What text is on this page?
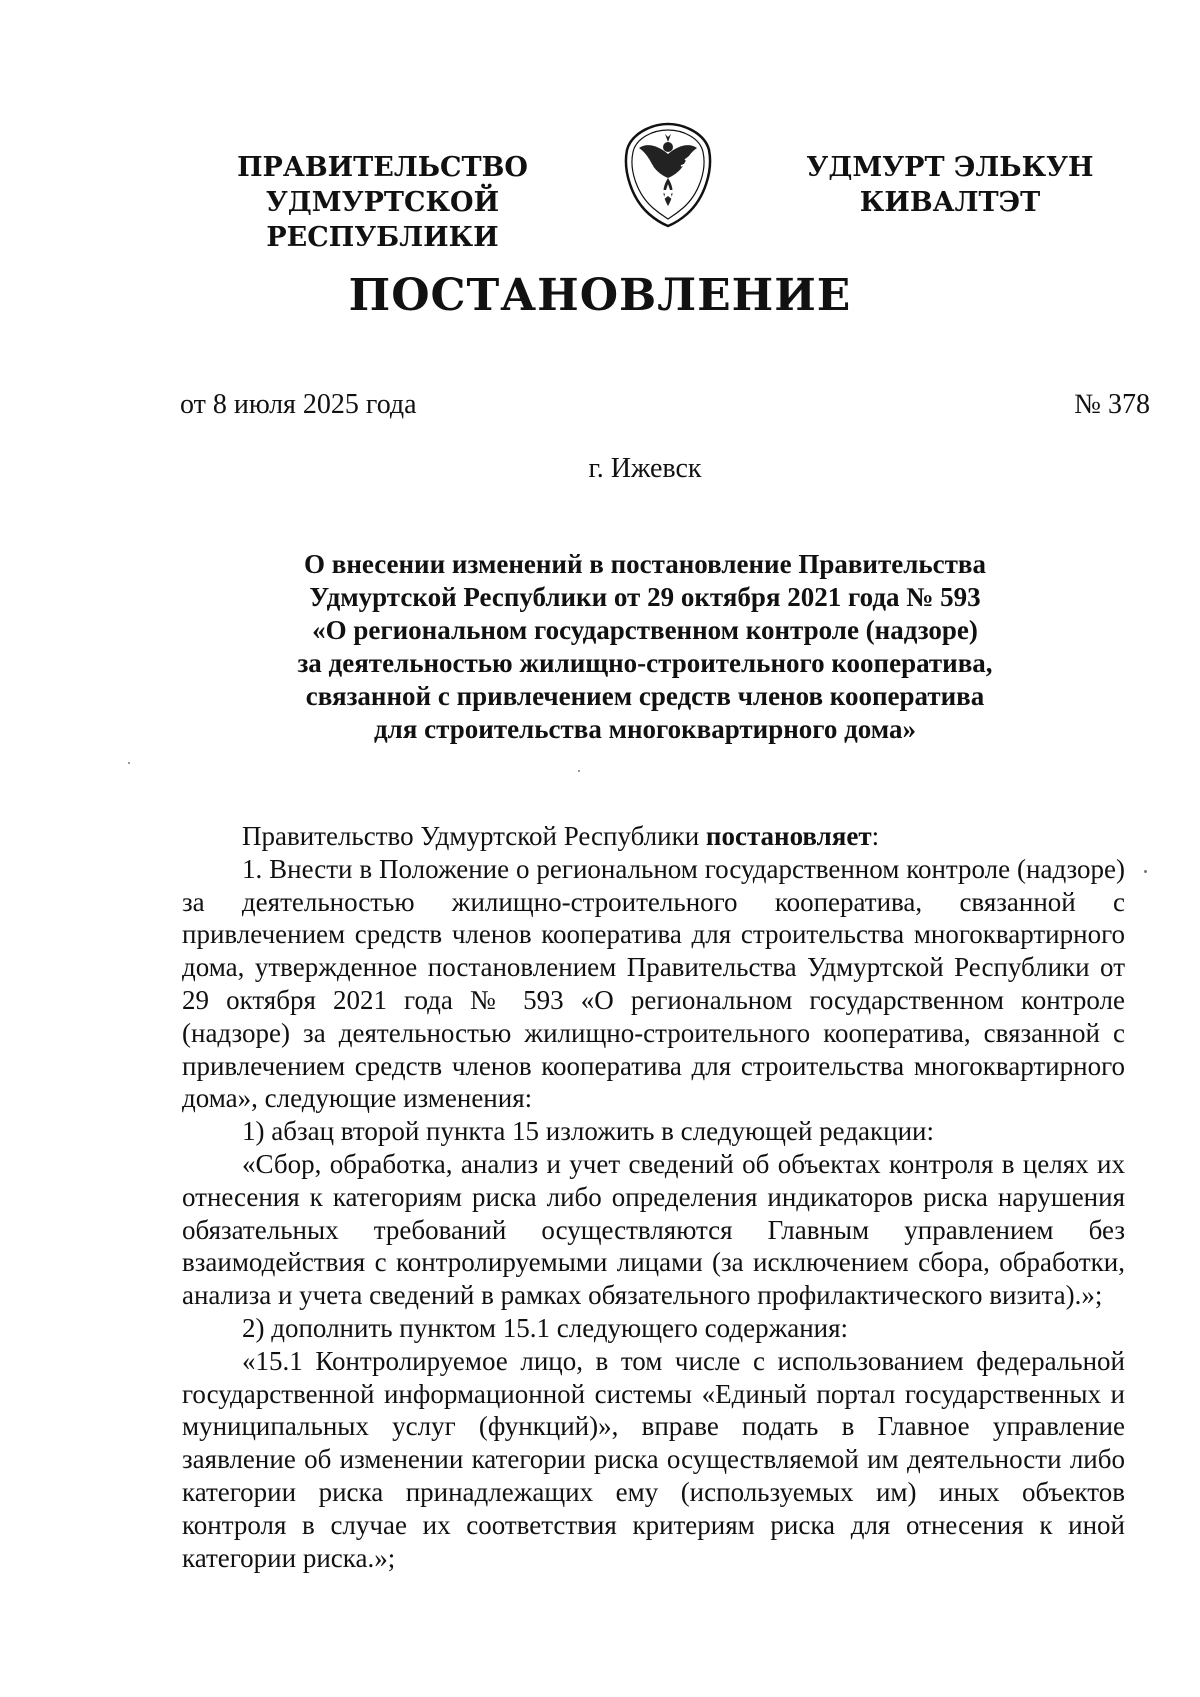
ПРАВИТЕЛЬСТВО
УДМУРТСКОЙ РЕСПУБЛИКИ
УДМУРТ ЭЛЬКУН
КИВАЛТЭТ
ПОСТАНОВЛЕНИЕ
от 8 июля 2025 года	№ 378
г. Ижевск
О внесении изменений в постановление Правительства
Удмуртской Республики от 29 октября 2021 года № 593
«О региональном государственном контроле (надзоре)
за деятельностью жилищно-строительного кооператива,
связанной с привлечением средств членов кооператива
для строительства многоквартирного дома»

Правительство Удмуртской Республики постановляет:

1. Внести в Положение о региональном государственном контроле (надзоре) за деятельностью жилищно-строительного кооператива, связанной с привлечением средств членов кооператива для строительства многоквартирного дома, утвержденное постановлением Правительства Удмуртской Республики от 29 октября 2021 года № 593 «О региональном государственном контроле (надзоре) за деятельностью жилищно-строительного кооператива, связанной с привлечением средств членов кооператива для строительства многоквартирного дома», следующие изменения:

1) абзац второй пункта 15 изложить в следующей редакции:

«Сбор, обработка, анализ и учет сведений об объектах контроля в целях их отнесения к категориям риска либо определения индикаторов риска нарушения обязательных требований осуществляются Главным управлением без взаимодействия с контролируемыми лицами (за исключением сбора, обработки, анализа и учета сведений в рамках обязательного профилактического визита).»;

2) дополнить пунктом 15.1 следующего содержания:

«15.1 Контролируемое лицо, в том числе с использованием федеральной государственной информационной системы «Единый портал государственных и муниципальных услуг (функций)», вправе подать в Главное управление заявление об изменении категории риска осуществляемой им деятельности либо категории риска принадлежащих ему (используемых им) иных объектов контроля в случае их соответствия критериям риска для отнесения к иной категории риска.»;
